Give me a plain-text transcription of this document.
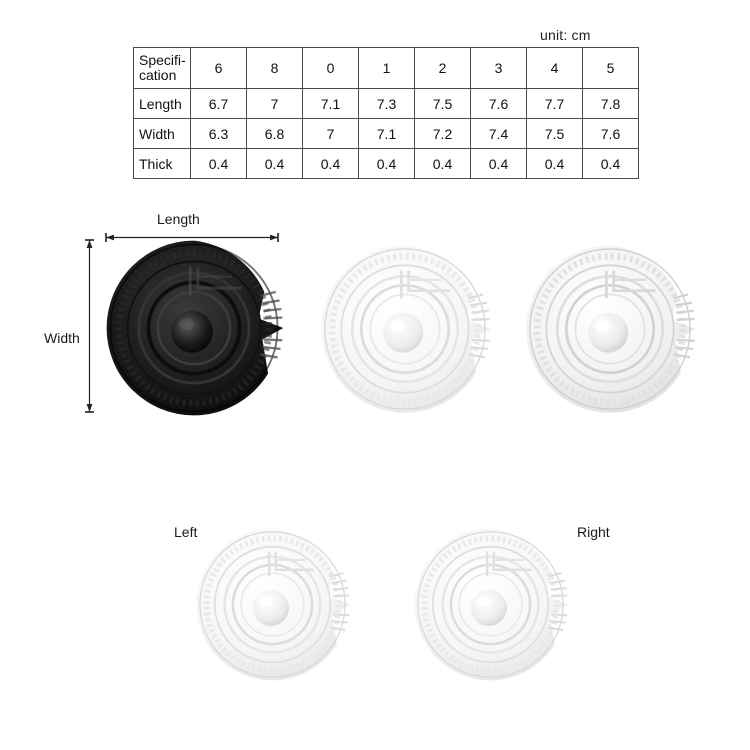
unit: cm
Specifi-
cation	6	8	0	1	2	3	4	5
Length	6.7	7	7.1	7.3	7.5	7.6	7.7	7.8
Width	6.3	6.8	7	7.1	7.2	7.4	7.5	7.6
Thick	0.4	0.4	0.4	0.4	0.4	0.4	0.4	0.4
Length
Width
Left	Right
